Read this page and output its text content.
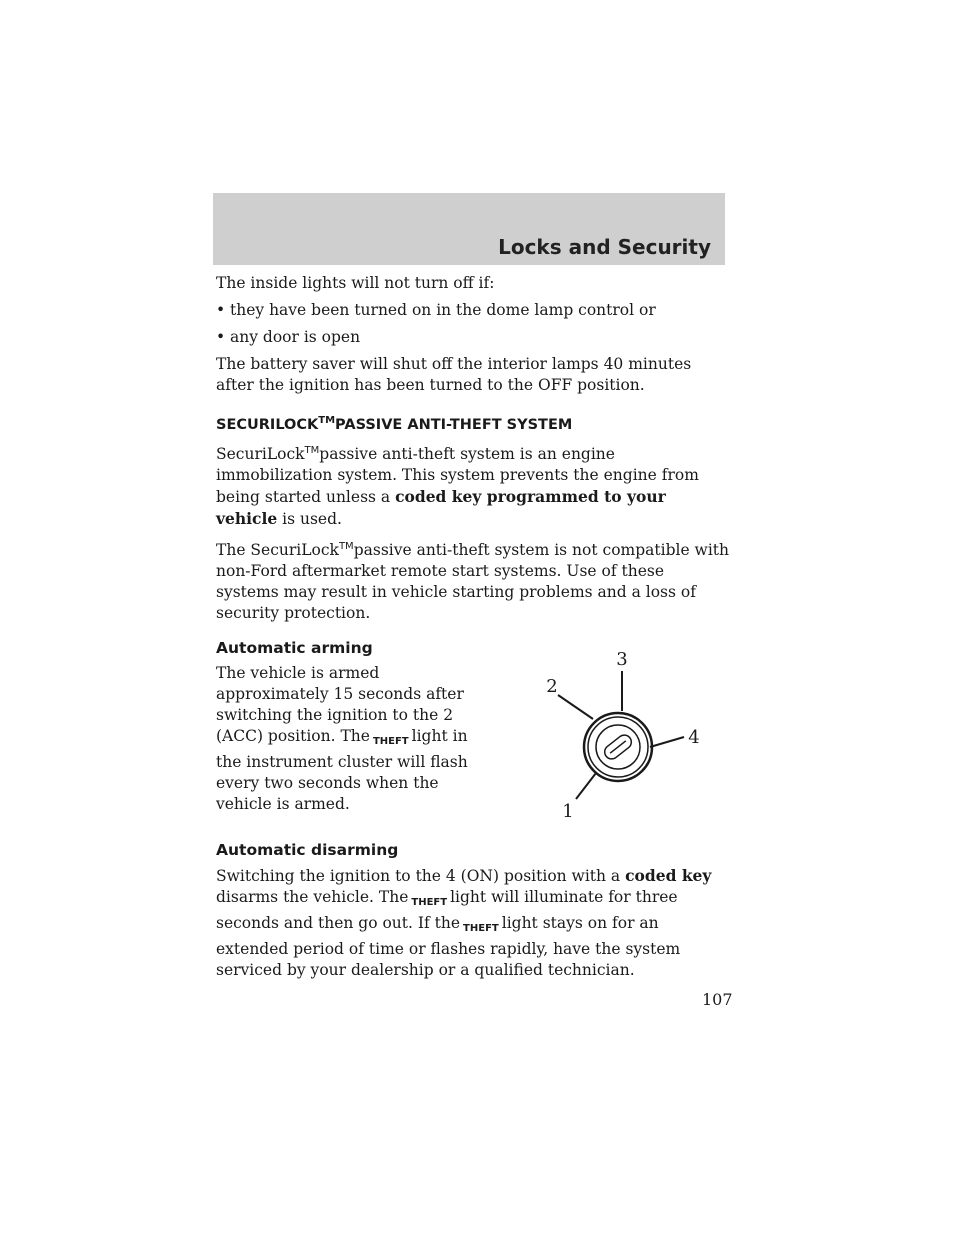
Locks and Security

The inside lights will not turn off if:

• they have been turned on in the dome lamp control or
• any door is open

The battery saver will shut off the interior lamps 40 minutes after the ignition has been turned to the OFF position.

SECURILOCK™PASSIVE ANTI-THEFT SYSTEM

SecuriLock™passive anti-theft system is an engine immobilization system. This system prevents the engine from being started unless a coded key programmed to your vehicle is used.

The SecuriLock™passive anti-theft system is not compatible with non-Ford aftermarket remote start systems. Use of these systems may result in vehicle starting problems and a loss of security protection.

Automatic arming

The vehicle is armed approximately 15 seconds after switching the ignition to the 2 (ACC) position. The THEFT light in the instrument cluster will flash every two seconds when the vehicle is armed.

3
2
4
1
Automatic disarming

Switching the ignition to the 4 (ON) position with a coded key disarms the vehicle. The THEFT light will illuminate for three seconds and then go out. If the THEFT light stays on for an extended period of time or flashes rapidly, have the system serviced by your dealership or a qualified technician.

107
